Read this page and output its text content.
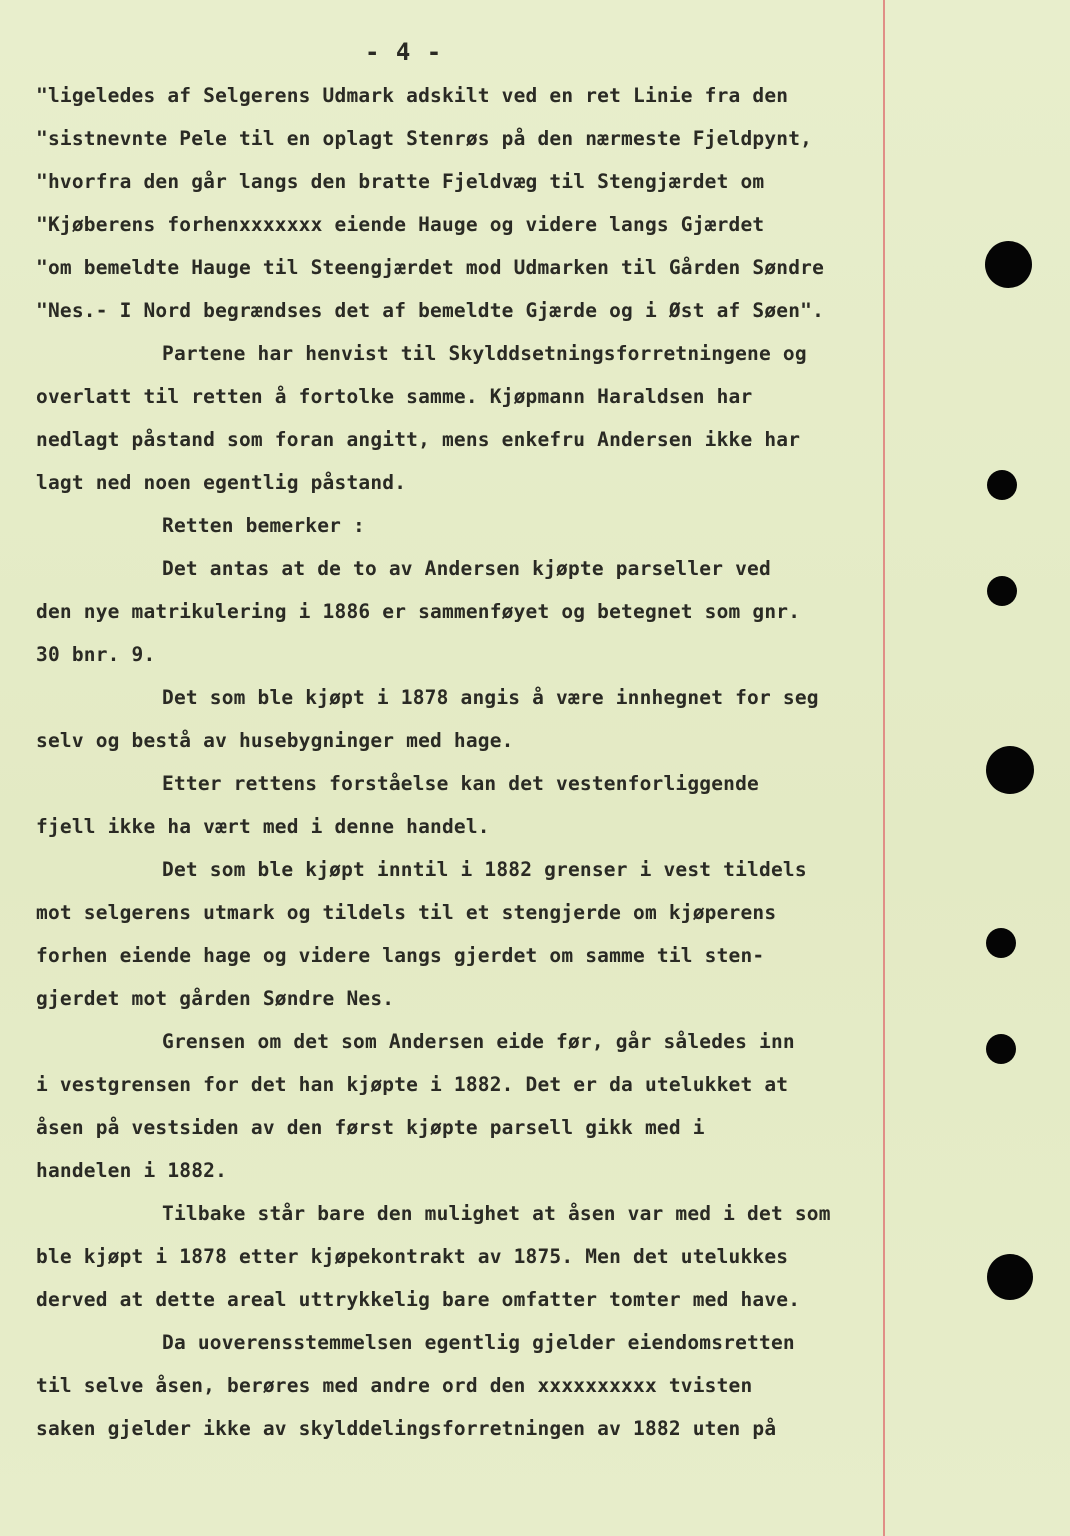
- 4 -
"ligeledes af Selgerens Udmark adskilt ved en ret Linie fra den
"sistnevnte Pele til en oplagt Stenrøs på den nærmeste Fjeldpynt,
"hvorfra den går langs den bratte Fjeldvæg til Stengjærdet om
"Kjøberens forhenxxxxxxx eiende Hauge og videre langs Gjærdet
"om bemeldte Hauge til Steengjærdet mod Udmarken til Gården Søndre
"Nes.- I Nord begrændses det af bemeldte Gjærde og i Øst af Søen".
Partene har henvist til Skylddsetningsforretningene og
overlatt til retten å fortolke samme. Kjøpmann Haraldsen har
nedlagt påstand som foran angitt, mens enkefru Andersen ikke har
lagt ned noen egentlig påstand.
Retten bemerker :
Det antas at de to av Andersen kjøpte parseller ved
den nye matrikulering i 1886 er sammenføyet og betegnet som gnr.
30 bnr. 9.
Det som ble kjøpt i 1878 angis å være innhegnet for seg
selv og bestå av husebygninger med hage.
Etter rettens forståelse kan det vestenforliggende
fjell ikke ha vært med i denne handel.
Det som ble kjøpt inntil i 1882 grenser i vest tildels
mot selgerens utmark og tildels til et stengjerde om kjøperens
forhen eiende hage og videre langs gjerdet om samme til sten-
gjerdet mot gården Søndre Nes.
Grensen om det som Andersen eide før, går således inn
i vestgrensen for det han kjøpte i 1882. Det er da utelukket at
åsen på vestsiden av den først kjøpte parsell gikk med i
handelen i 1882.
Tilbake står bare den mulighet at åsen var med i det som
ble kjøpt i 1878 etter kjøpekontrakt av 1875. Men det utelukkes
derved at dette areal uttrykkelig bare omfatter tomter med have.
Da uoverensstemmelsen egentlig gjelder eiendomsretten
til selve åsen, berøres med andre ord den xxxxxxxxxx tvisten
saken gjelder ikke av skylddelingsforretningen av 1882 uten på
